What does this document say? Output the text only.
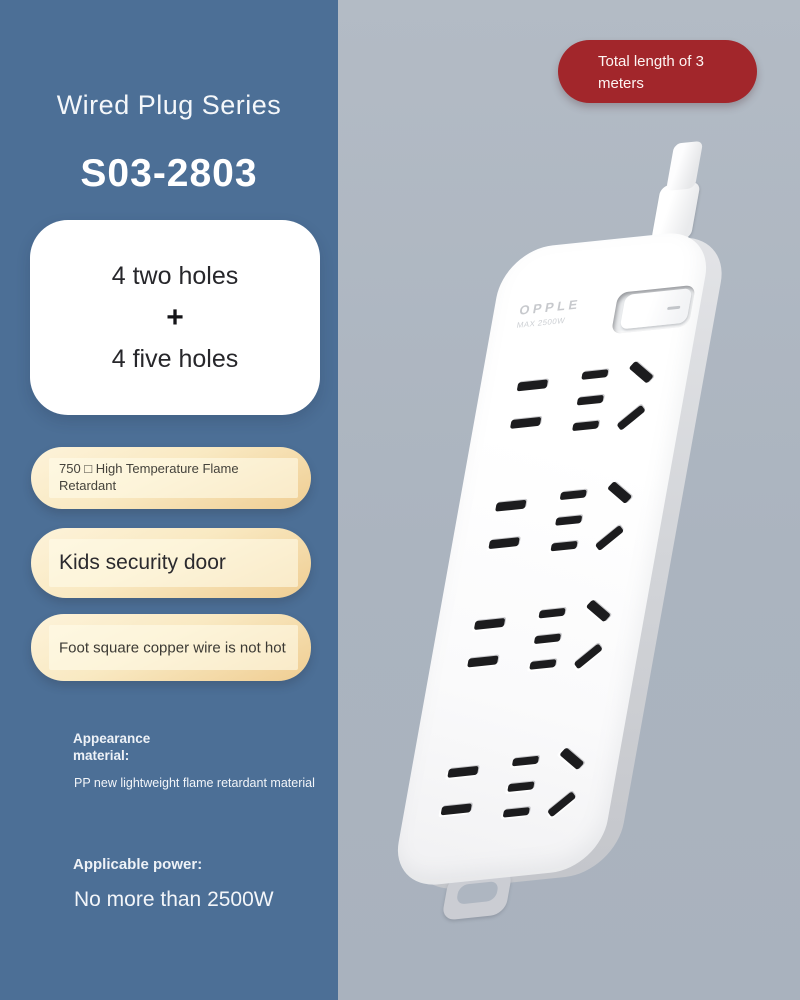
Wired Plug Series
S03-2803
4 two holes
+
4 five holes
750 □ High Temperature Flame Retardant
Kids security door
Foot square copper wire is not hot
Appearance material:
PP new lightweight flame retardant material
Applicable power:
No more than 2500W
Total length of 3 meters
OPPLE
MAX 2500W
